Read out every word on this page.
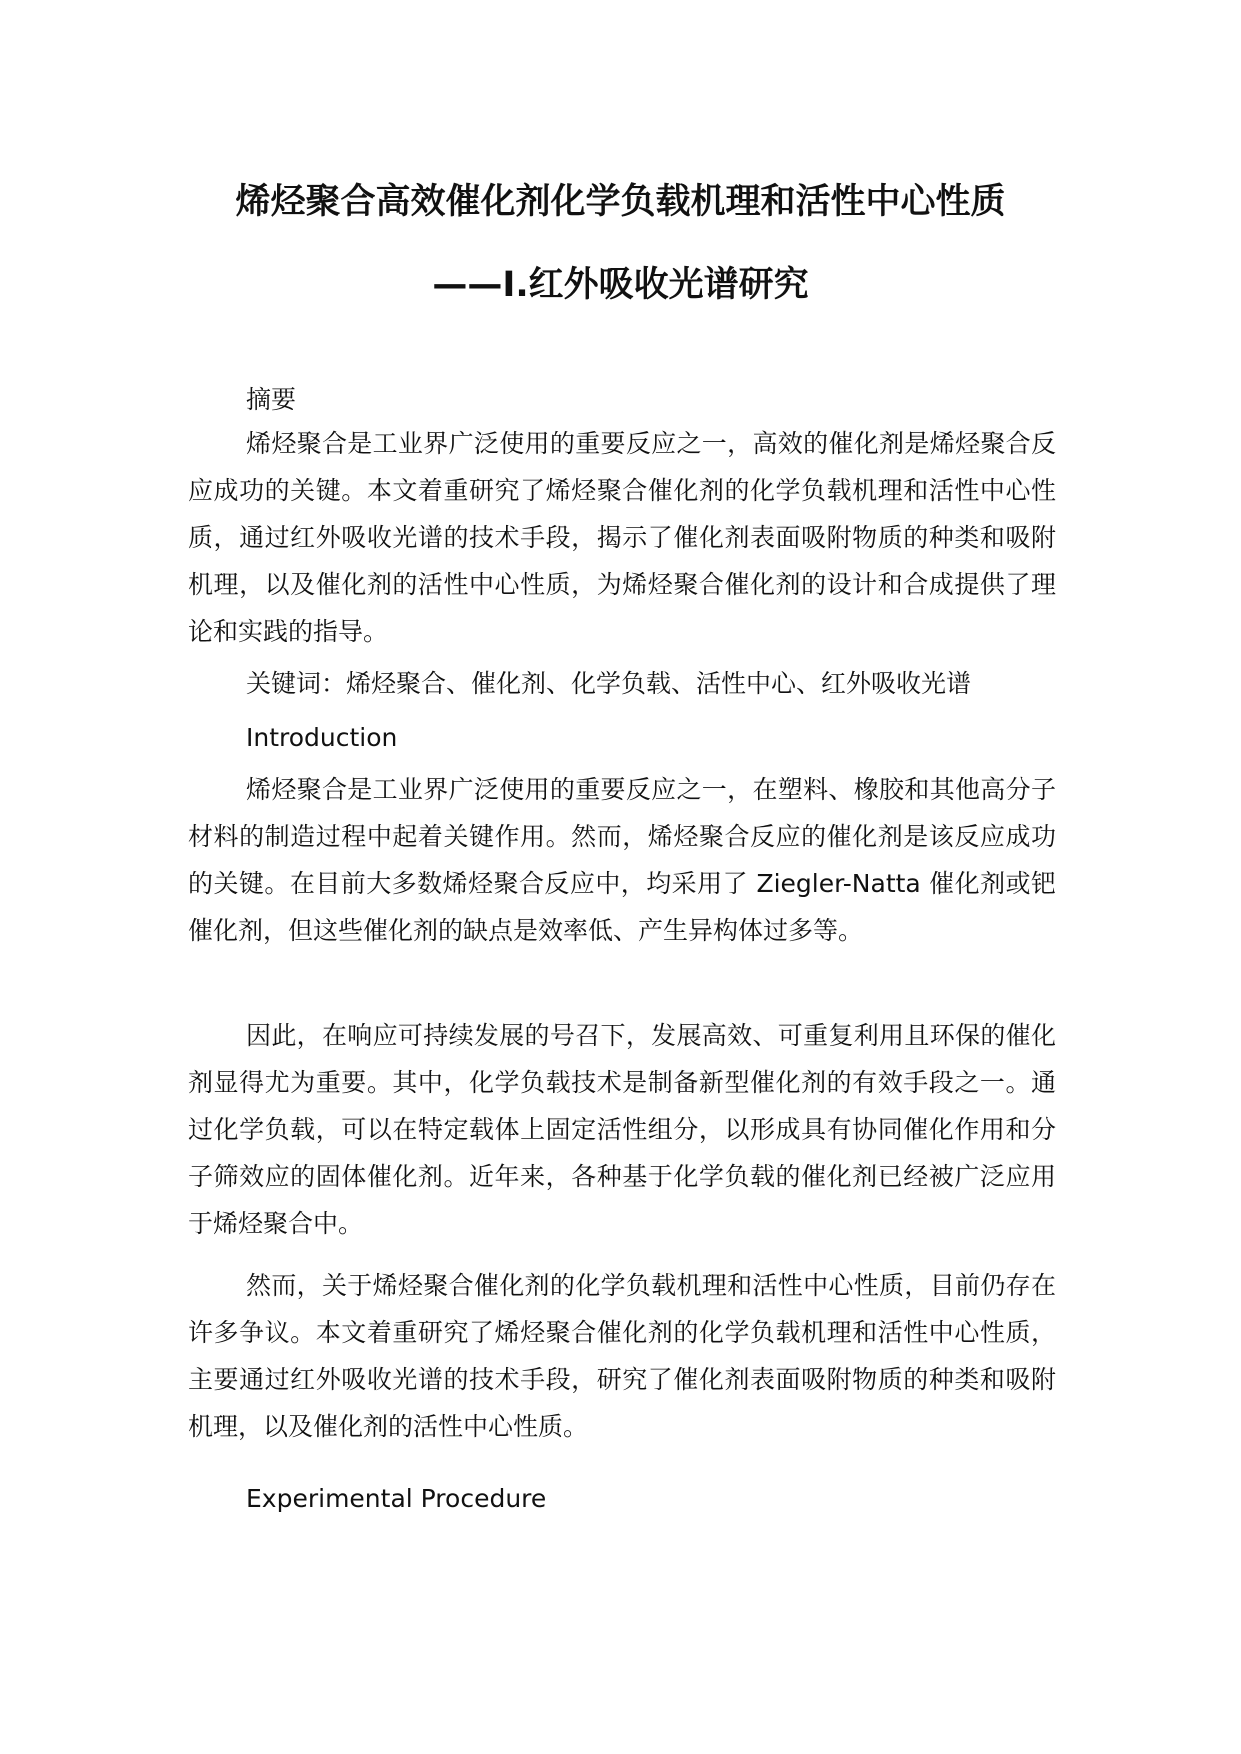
烯烃聚合高效催化剂化学负载机理和活性中心性质
——Ⅰ.红外吸收光谱研究
摘要

烯烃聚合是工业界广泛使用的重要反应之一，高效的催化剂是烯烃聚合反应成功的关键。本文着重研究了烯烃聚合催化剂的化学负载机理和活性中心性质，通过红外吸收光谱的技术手段，揭示了催化剂表面吸附物质的种类和吸附机理，以及催化剂的活性中心性质，为烯烃聚合催化剂的设计和合成提供了理论和实践的指导。

关键词：烯烃聚合、催化剂、化学负载、活性中心、红外吸收光谱
Introduction

烯烃聚合是工业界广泛使用的重要反应之一，在塑料、橡胶和其他高分子材料的制造过程中起着关键作用。然而，烯烃聚合反应的催化剂是该反应成功的关键。在目前大多数烯烃聚合反应中，均采用了 Ziegler-Natta 催化剂或钯催化剂，但这些催化剂的缺点是效率低、产生异构体过多等。

因此，在响应可持续发展的号召下，发展高效、可重复利用且环保的催化剂显得尤为重要。其中，化学负载技术是制备新型催化剂的有效手段之一。通过化学负载，可以在特定载体上固定活性组分，以形成具有协同催化作用和分子筛效应的固体催化剂。近年来，各种基于化学负载的催化剂已经被广泛应用于烯烃聚合中。

然而，关于烯烃聚合催化剂的化学负载机理和活性中心性质，目前仍存在许多争议。本文着重研究了烯烃聚合催化剂的化学负载机理和活性中心性质，主要通过红外吸收光谱的技术手段，研究了催化剂表面吸附物质的种类和吸附机理，以及催化剂的活性中心性质。

Experimental Procedure
